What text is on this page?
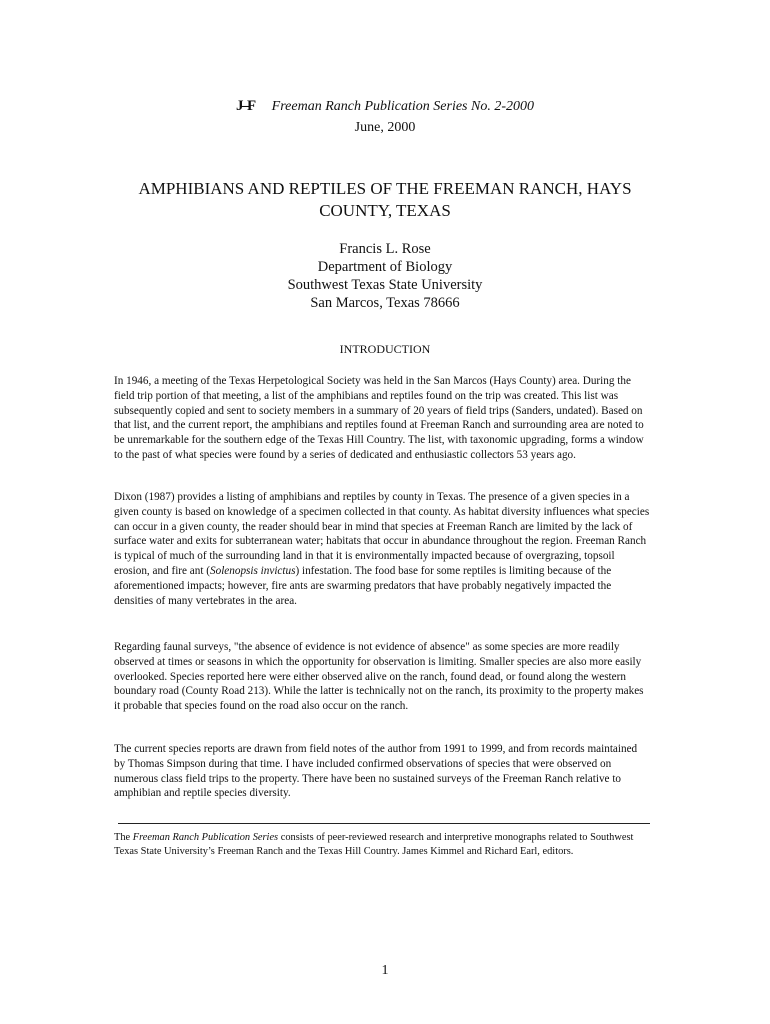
J–F Freeman Ranch Publication Series No. 2-2000
June, 2000
AMPHIBIANS AND REPTILES OF THE FREEMAN RANCH, HAYS COUNTY, TEXAS
Francis L. Rose
Department of Biology
Southwest Texas State University
San Marcos, Texas 78666
INTRODUCTION

In 1946, a meeting of the Texas Herpetological Society was held in the San Marcos (Hays County) area. During the field trip portion of that meeting, a list of the amphibians and reptiles found on the trip was created. This list was subsequently copied and sent to society members in a summary of 20 years of field trips (Sanders, undated). Based on that list, and the current report, the amphibians and reptiles found at Freeman Ranch and surrounding area are noted to be unremarkable for the southern edge of the Texas Hill Country. The list, with taxonomic upgrading, forms a window to the past of what species were found by a series of dedicated and enthusiastic collectors 53 years ago.

Dixon (1987) provides a listing of amphibians and reptiles by county in Texas. The presence of a given species in a given county is based on knowledge of a specimen collected in that county. As habitat diversity influences what species can occur in a given county, the reader should bear in mind that species at Freeman Ranch are limited by the lack of surface water and exits for subterranean water; habitats that occur in abundance throughout the region. Freeman Ranch is typical of much of the surrounding land in that it is environmentally impacted because of overgrazing, topsoil erosion, and fire ant (Solenopsis invictus) infestation. The food base for some reptiles is limiting because of the aforementioned impacts; however, fire ants are swarming predators that have probably negatively impacted the densities of many vertebrates in the area.

Regarding faunal surveys, "the absence of evidence is not evidence of absence" as some species are more readily observed at times or seasons in which the opportunity for observation is limiting. Smaller species are also more easily overlooked. Species reported here were either observed alive on the ranch, found dead, or found along the western boundary road (County Road 213). While the latter is technically not on the ranch, its proximity to the property makes it probable that species found on the road also occur on the ranch.

The current species reports are drawn from field notes of the author from 1991 to 1999, and from records maintained by Thomas Simpson during that time. I have included confirmed observations of species that were observed on numerous class field trips to the property. There have been no sustained surveys of the Freeman Ranch relative to amphibian and reptile species diversity.

The Freeman Ranch Publication Series consists of peer-reviewed research and interpretive monographs related to Southwest Texas State University’s Freeman Ranch and the Texas Hill Country. James Kimmel and Richard Earl, editors.
1
